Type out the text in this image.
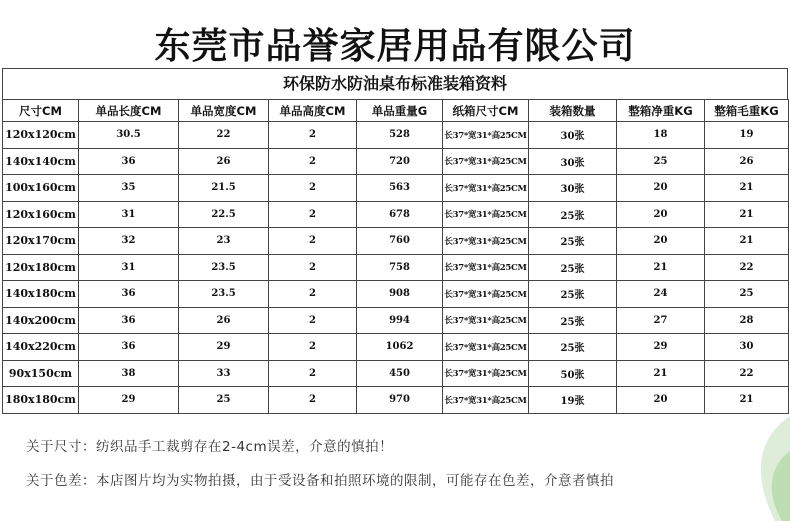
东莞市品誉家居用品有限公司
环保防水防油桌布标准装箱资料
尺寸CM	单品长度CM	单品宽度CM	单品高度CM	单品重量G	纸箱尺寸CM	装箱数量	整箱净重KG	整箱毛重KG
120x120cm	30.5	22	2	528	长37*宽31*高25CM	30张	18	19
140x140cm	36	26	2	720	长37*宽31*高25CM	30张	25	26
100x160cm	35	21.5	2	563	长37*宽31*高25CM	30张	20	21
120x160cm	31	22.5	2	678	长37*宽31*高25CM	25张	20	21
120x170cm	32	23	2	760	长37*宽31*高25CM	25张	20	21
120x180cm	31	23.5	2	758	长37*宽31*高25CM	25张	21	22
140x180cm	36	23.5	2	908	长37*宽31*高25CM	25张	24	25
140x200cm	36	26	2	994	长37*宽31*高25CM	25张	27	28
140x220cm	36	29	2	1062	长37*宽31*高25CM	25张	29	30
90x150cm	38	33	2	450	长37*宽31*高25CM	50张	21	22
180x180cm	29	25	2	970	长37*宽31*高25CM	19张	20	21
关于尺寸：纺织品手工裁剪存在2-4cm误差，介意的慎拍！
关于色差：本店图片均为实物拍摄，由于受设备和拍照环境的限制，可能存在色差，介意者慎拍
